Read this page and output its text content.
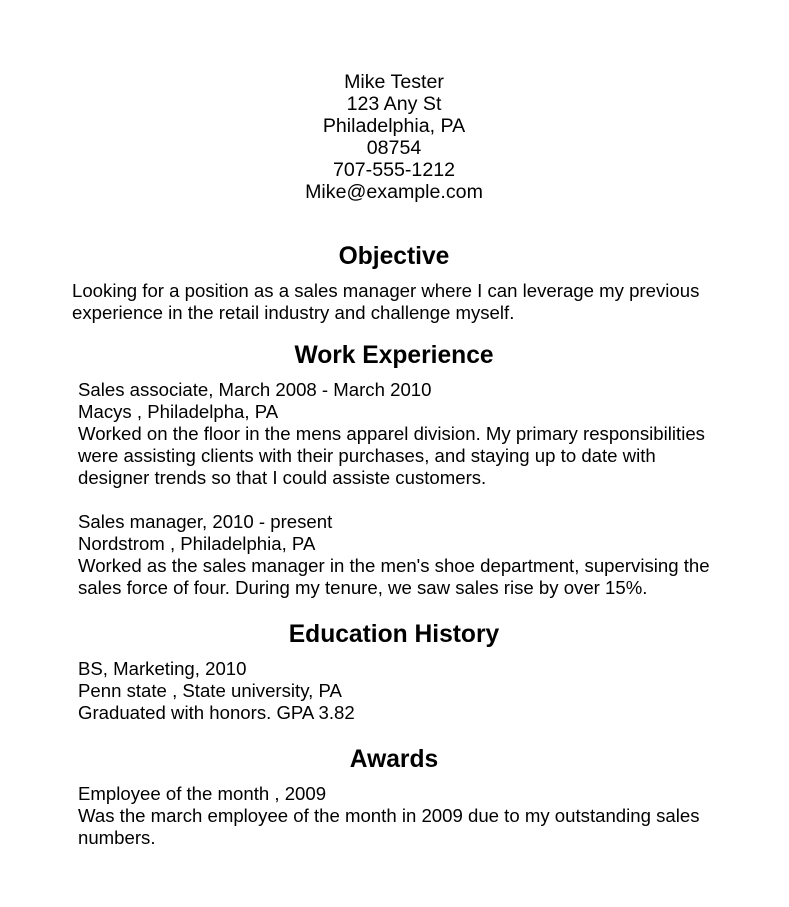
Mike Tester
123 Any St
Philadelphia, PA
08754
707-555-1212
Mike@example.com
Objective

Looking for a position as a sales manager where I can leverage my previous experience in the retail industry and challenge myself.

Work Experience
Sales associate, March 2008 - March 2010
Macys , Philadelpha, PA
Worked on the floor in the mens apparel division. My primary responsibilities were assisting clients with their purchases, and staying up to date with designer trends so that I could assiste customers.
Sales manager, 2010 - present
Nordstrom , Philadelphia, PA
Worked as the sales manager in the men's shoe department, supervising the sales force of four. During my tenure, we saw sales rise by over 15%.
Education History
BS, Marketing, 2010
Penn state , State university, PA
Graduated with honors. GPA 3.82
Awards
Employee of the month , 2009
Was the march employee of the month in 2009 due to my outstanding sales numbers.
